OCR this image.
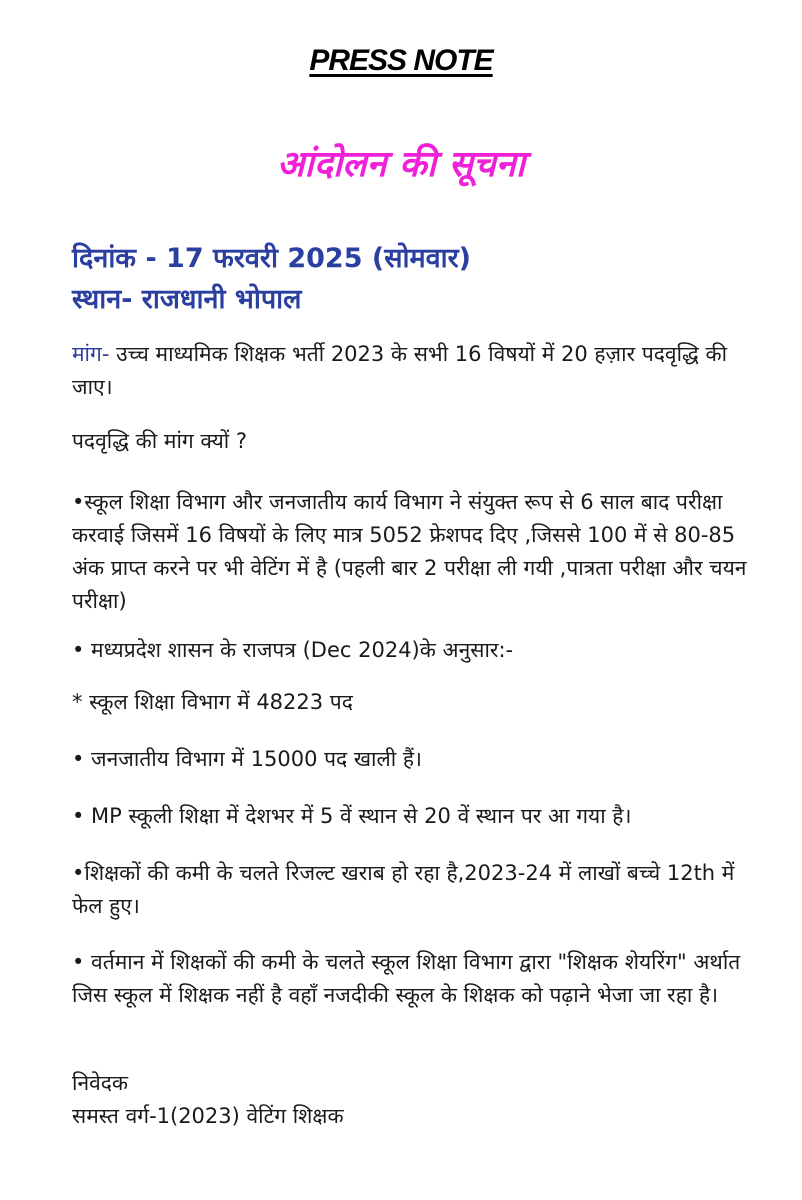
PRESS NOTE
आंदोलन की सूचना
दिनांक - 17 फरवरी 2025 (सोमवार)
स्थान- राजधानी भोपाल

मांग- उच्च माध्यमिक शिक्षक भर्ती 2023 के सभी 16 विषयों में 20 हज़ार पदवृद्धि की जाए।

पदवृद्धि की मांग क्यों ?

•स्कूल शिक्षा विभाग और जनजातीय कार्य विभाग ने संयुक्त रूप से 6 साल बाद परीक्षा करवाई जिसमें 16 विषयों के लिए मात्र 5052 फ्रेशपद दिए ,जिससे 100 में से 80-85 अंक प्राप्त करने पर भी वेटिंग में है (पहली बार 2 परीक्षा ली गयी ,पात्रता परीक्षा और चयन परीक्षा)

• मध्यप्रदेश शासन के राजपत्र (Dec 2024)के अनुसार:-

* स्कूल शिक्षा विभाग में 48223 पद

• जनजातीय विभाग में 15000 पद खाली हैं।

• MP स्कूली शिक्षा में देशभर में 5 वें स्थान से 20 वें स्थान पर आ गया है।

•शिक्षकों की कमी के चलते रिजल्ट खराब हो रहा है,2023-24 में लाखों बच्चे 12th में फेल हुए।

• वर्तमान में शिक्षकों की कमी के चलते स्कूल शिक्षा विभाग द्वारा "शिक्षक शेयरिंग" अर्थात जिस स्कूल में शिक्षक नहीं है वहाँ नजदीकी स्कूल के शिक्षक को पढ़ाने भेजा जा रहा है।

निवेदक

समस्त वर्ग-1(2023) वेटिंग शिक्षक
